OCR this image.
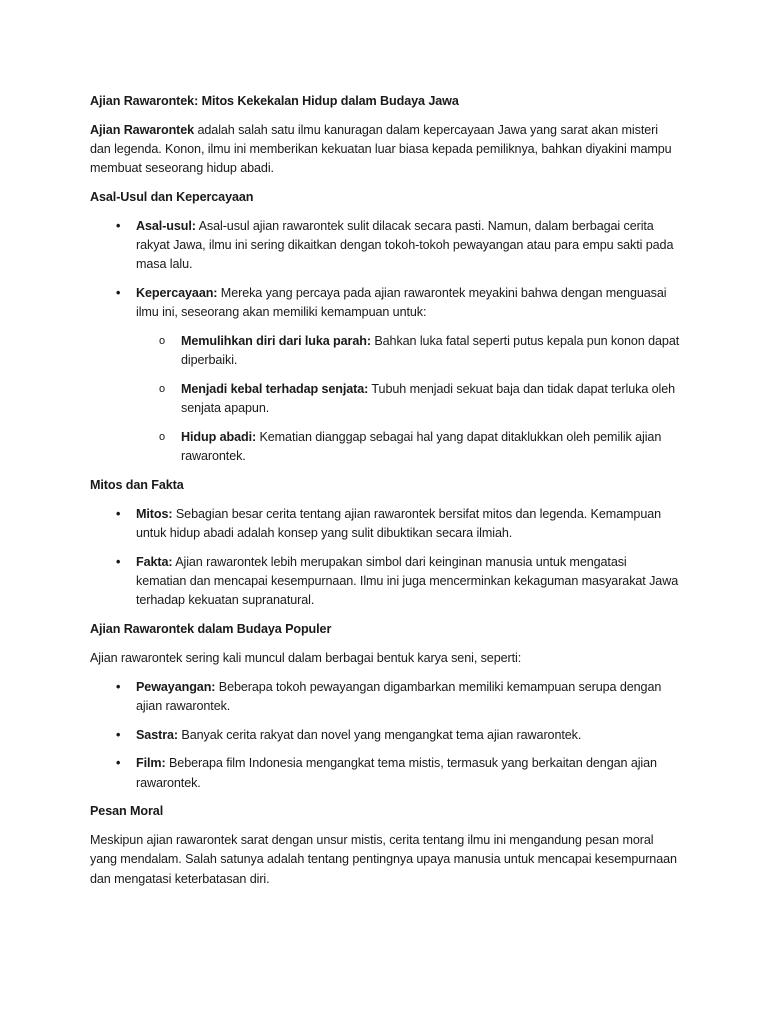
Ajian Rawarontek: Mitos Kekekalan Hidup dalam Budaya Jawa

Ajian Rawarontek adalah salah satu ilmu kanuragan dalam kepercayaan Jawa yang sarat akan misteri dan legenda. Konon, ilmu ini memberikan kekuatan luar biasa kepada pemiliknya, bahkan diyakini mampu membuat seseorang hidup abadi.

Asal-Usul dan Kepercayaan

• Asal-usul: Asal-usul ajian rawarontek sulit dilacak secara pasti. Namun, dalam berbagai cerita rakyat Jawa, ilmu ini sering dikaitkan dengan tokoh-tokoh pewayangan atau para empu sakti pada masa lalu.
• Kepercayaan: Mereka yang percaya pada ajian rawarontek meyakini bahwa dengan menguasai ilmu ini, seseorang akan memiliki kemampuan untuk:
o Memulihkan diri dari luka parah: Bahkan luka fatal seperti putus kepala pun konon dapat diperbaiki.
o Menjadi kebal terhadap senjata: Tubuh menjadi sekuat baja dan tidak dapat terluka oleh senjata apapun.
o Hidup abadi: Kematian dianggap sebagai hal yang dapat ditaklukkan oleh pemilik ajian rawarontek.

Mitos dan Fakta

• Mitos: Sebagian besar cerita tentang ajian rawarontek bersifat mitos dan legenda. Kemampuan untuk hidup abadi adalah konsep yang sulit dibuktikan secara ilmiah.
• Fakta: Ajian rawarontek lebih merupakan simbol dari keinginan manusia untuk mengatasi kematian dan mencapai kesempurnaan. Ilmu ini juga mencerminkan kekaguman masyarakat Jawa terhadap kekuatan supranatural.

Ajian Rawarontek dalam Budaya Populer

Ajian rawarontek sering kali muncul dalam berbagai bentuk karya seni, seperti:

• Pewayangan: Beberapa tokoh pewayangan digambarkan memiliki kemampuan serupa dengan ajian rawarontek.
• Sastra: Banyak cerita rakyat dan novel yang mengangkat tema ajian rawarontek.
• Film: Beberapa film Indonesia mengangkat tema mistis, termasuk yang berkaitan dengan ajian rawarontek.

Pesan Moral

Meskipun ajian rawarontek sarat dengan unsur mistis, cerita tentang ilmu ini mengandung pesan moral yang mendalam. Salah satunya adalah tentang pentingnya upaya manusia untuk mencapai kesempurnaan dan mengatasi keterbatasan diri.
